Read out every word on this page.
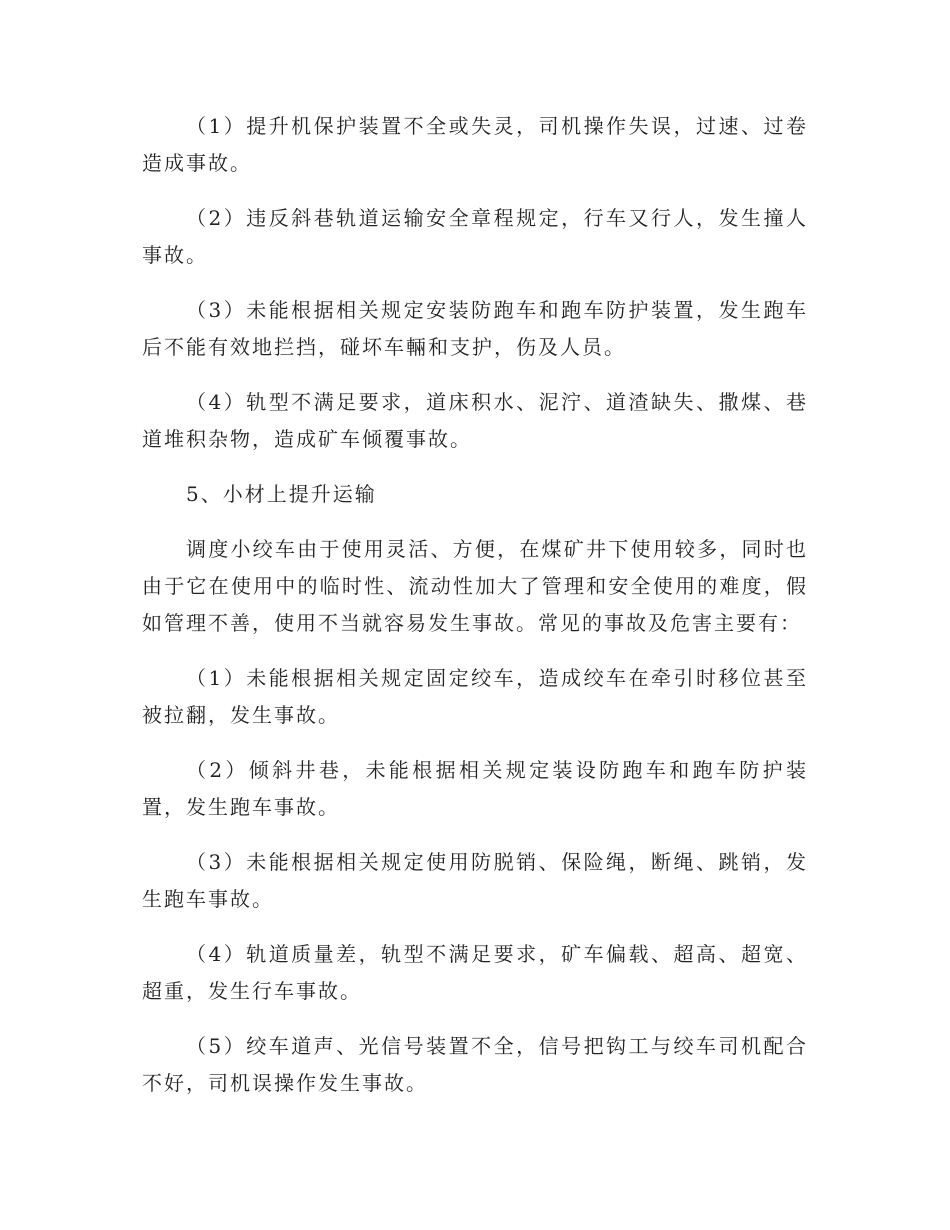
（1）提升机保护装置不全或失灵，司机操作失误，过速、过卷造成事故。

（2）违反斜巷轨道运输安全章程规定，行车又行人，发生撞人事故。

（3）未能根据相关规定安装防跑车和跑车防护装置，发生跑车后不能有效地拦挡，碰坏车輛和支护，伤及人员。

（4）轨型不满足要求，道床积水、泥泞、道渣缺失、撒煤、巷道堆积杂物，造成矿车倾覆事故。

5、小材上提升运输

调度小绞车由于使用灵活、方便，在煤矿井下使用较多，同时也由于它在使用中的临时性、流动性加大了管理和安全使用的难度，假如管理不善，使用不当就容易发生事故。常见的事故及危害主要有：

（1）未能根据相关规定固定绞车，造成绞车在牵引时移位甚至被拉翻，发生事故。

（2）倾斜井巷，未能根据相关规定装设防跑车和跑车防护装置，发生跑车事故。

（3）未能根据相关规定使用防脱销、保险绳，断绳、跳销，发生跑车事故。

（4）轨道质量差，轨型不满足要求，矿车偏载、超高、超宽、超重，发生行车事故。

（5）绞车道声、光信号装置不全，信号把钩工与绞车司机配合不好，司机误操作发生事故。
